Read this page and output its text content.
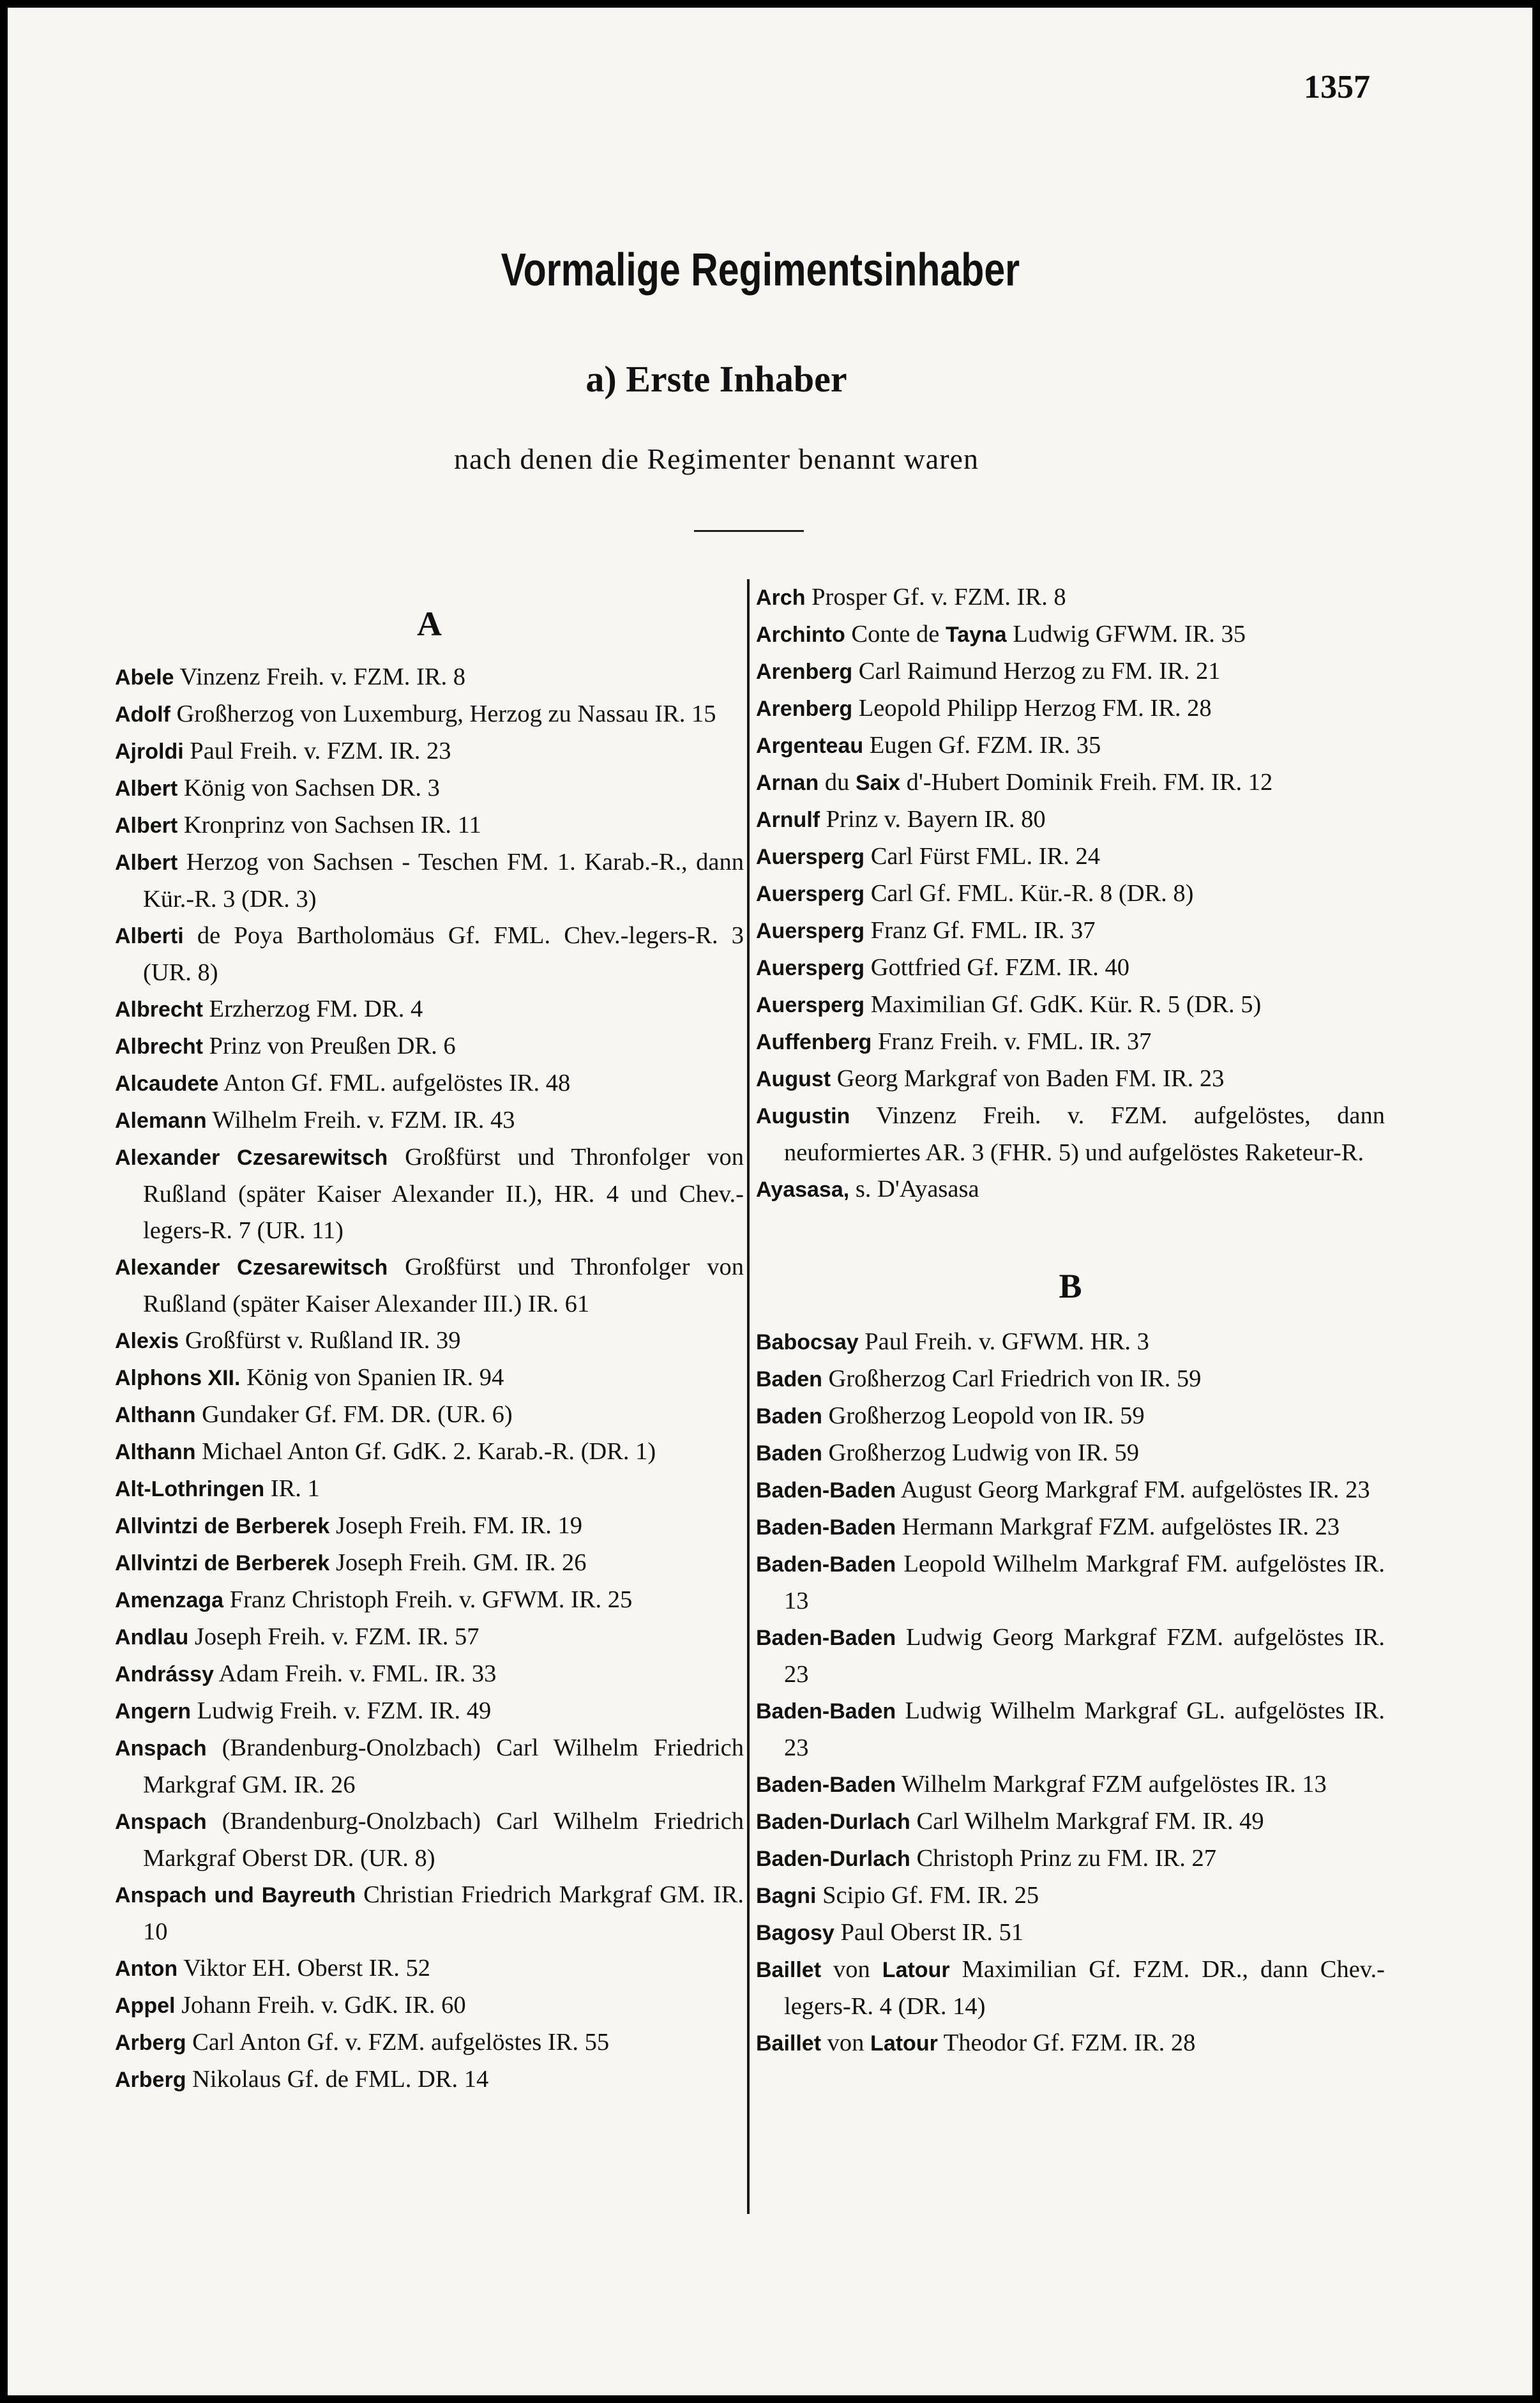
1357
Vormalige Regimentsinhaber
a) Erste Inhaber
nach denen die Regimenter benannt waren
A
Abele Vinzenz Freih. v. FZM. IR. 8
Adolf Großherzog von Luxemburg, Herzog zu Nassau IR. 15
Ajroldi Paul Freih. v. FZM. IR. 23
Albert König von Sachsen DR. 3
Albert Kronprinz von Sachsen IR. 11
Albert Herzog von Sachsen - Teschen FM. 1. Karab.-R., dann Kür.-R. 3 (DR. 3)
Alberti de Poya Bartholomäus Gf. FML. Chev.-legers-R. 3 (UR. 8)
Albrecht Erzherzog FM. DR. 4
Albrecht Prinz von Preußen DR. 6
Alcaudete Anton Gf. FML. aufgelöstes IR. 48
Alemann Wilhelm Freih. v. FZM. IR. 43
Alexander Czesarewitsch Großfürst und Thronfolger von Rußland (später Kaiser Alexander II.), HR. 4 und Chev.-legers-R. 7 (UR. 11)
Alexander Czesarewitsch Großfürst und Thronfolger von Rußland (später Kaiser Alexander III.) IR. 61
Alexis Großfürst v. Rußland IR. 39
Alphons XII. König von Spanien IR. 94
Althann Gundaker Gf. FM. DR. (UR. 6)
Althann Michael Anton Gf. GdK. 2. Karab.-R. (DR. 1)
Alt-Lothringen IR. 1
Allvintzi de Berberek Joseph Freih. FM. IR. 19
Allvintzi de Berberek Joseph Freih. GM. IR. 26
Amenzaga Franz Christoph Freih. v. GFWM. IR. 25
Andlau Joseph Freih. v. FZM. IR. 57
Andrássy Adam Freih. v. FML. IR. 33
Angern Ludwig Freih. v. FZM. IR. 49
Anspach (Brandenburg-Onolzbach) Carl Wilhelm Friedrich Markgraf GM. IR. 26
Anspach (Brandenburg-Onolzbach) Carl Wilhelm Friedrich Markgraf Oberst DR. (UR. 8)
Anspach und Bayreuth Christian Friedrich Markgraf GM. IR. 10
Anton Viktor EH. Oberst IR. 52
Appel Johann Freih. v. GdK. IR. 60
Arberg Carl Anton Gf. v. FZM. aufgelöstes IR. 55
Arberg Nikolaus Gf. de FML. DR. 14
Arch Prosper Gf. v. FZM. IR. 8
Archinto Conte de Tayna Ludwig GFWM. IR. 35
Arenberg Carl Raimund Herzog zu FM. IR. 21
Arenberg Leopold Philipp Herzog FM. IR. 28
Argenteau Eugen Gf. FZM. IR. 35
Arnan du Saix d'-Hubert Dominik Freih. FM. IR. 12
Arnulf Prinz v. Bayern IR. 80
Auersperg Carl Fürst FML. IR. 24
Auersperg Carl Gf. FML. Kür.-R. 8 (DR. 8)
Auersperg Franz Gf. FML. IR. 37
Auersperg Gottfried Gf. FZM. IR. 40
Auersperg Maximilian Gf. GdK. Kür. R. 5 (DR. 5)
Auffenberg Franz Freih. v. FML. IR. 37
August Georg Markgraf von Baden FM. IR. 23
Augustin Vinzenz Freih. v. FZM. aufgelöstes, dann neuformiertes AR. 3 (FHR. 5) und aufgelöstes Raketeur-R.
Ayasasa, s. D'Ayasasa
B
Babocsay Paul Freih. v. GFWM. HR. 3
Baden Großherzog Carl Friedrich von IR. 59
Baden Großherzog Leopold von IR. 59
Baden Großherzog Ludwig von IR. 59
Baden-Baden August Georg Markgraf FM. aufgelöstes IR. 23
Baden-Baden Hermann Markgraf FZM. aufgelöstes IR. 23
Baden-Baden Leopold Wilhelm Markgraf FM. aufgelöstes IR. 13
Baden-Baden Ludwig Georg Markgraf FZM. aufgelöstes IR. 23
Baden-Baden Ludwig Wilhelm Markgraf GL. aufgelöstes IR. 23
Baden-Baden Wilhelm Markgraf FZM aufgelöstes IR. 13
Baden-Durlach Carl Wilhelm Markgraf FM. IR. 49
Baden-Durlach Christoph Prinz zu FM. IR. 27
Bagni Scipio Gf. FM. IR. 25
Bagosy Paul Oberst IR. 51
Baillet von Latour Maximilian Gf. FZM. DR., dann Chev.-legers-R. 4 (DR. 14)
Baillet von Latour Theodor Gf. FZM. IR. 28
